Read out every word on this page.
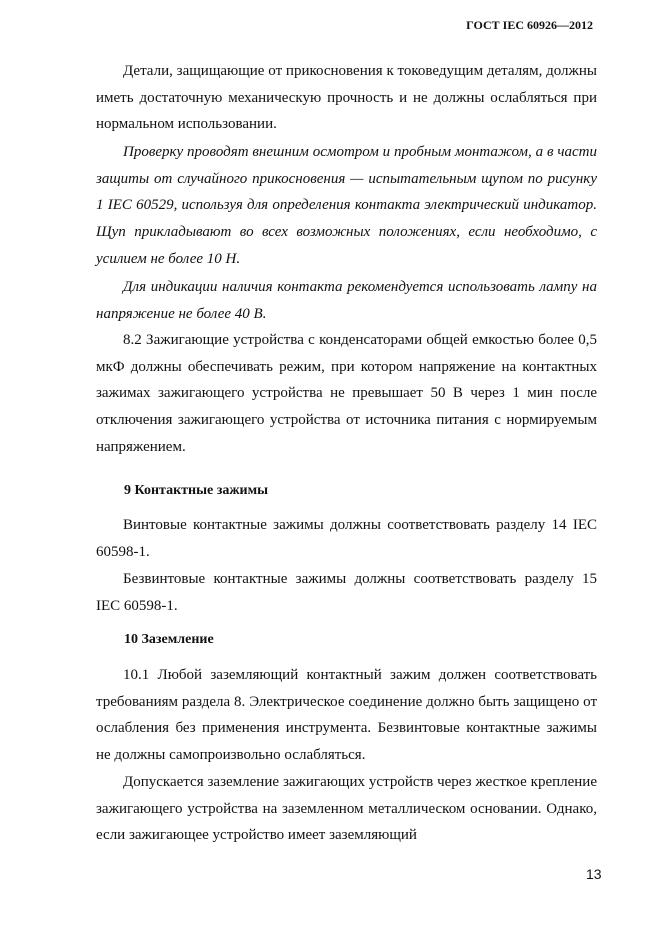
ГОСТ IEC 60926—2012

Детали, защищающие от прикосновения к токоведущим деталям, должны иметь достаточную механическую прочность и не должны ослабляться при нормальном использовании.

Проверку проводят внешним осмотром и пробным монтажом, а в части защиты от случайного прикосновения — испытательным щупом по рисунку 1 IEC 60529, используя для определения контакта электрический индикатор. Щуп прикладывают во всех возможных положениях, если необходимо, с усилием не более 10 Н.

Для индикации наличия контакта рекомендуется использовать лампу на напряжение не более 40 В.

8.2 Зажигающие устройства с конденсаторами общей емкостью более 0,5 мкФ должны обеспечивать режим, при котором напряжение на контактных зажимах зажигающего устройства не превышает 50 В через 1 мин после отключения зажигающего устройства от источника питания с нормируемым напряжением.

9 Контактные зажимы

Винтовые контактные зажимы должны соответствовать разделу 14 IEC 60598-1.

Безвинтовые контактные зажимы должны соответствовать разделу 15 IEC 60598-1.

10 Заземление

10.1 Любой заземляющий контактный зажим должен соответствовать требованиям раздела 8. Электрическое соединение должно быть защищено от ослабления без применения инструмента. Безвинтовые контактные зажимы не должны самопроизвольно ослабляться.

Допускается заземление зажигающих устройств через жесткое крепление зажигающего устройства на заземленном металлическом основании. Однако, если зажигающее устройство имеет заземляющий

13
